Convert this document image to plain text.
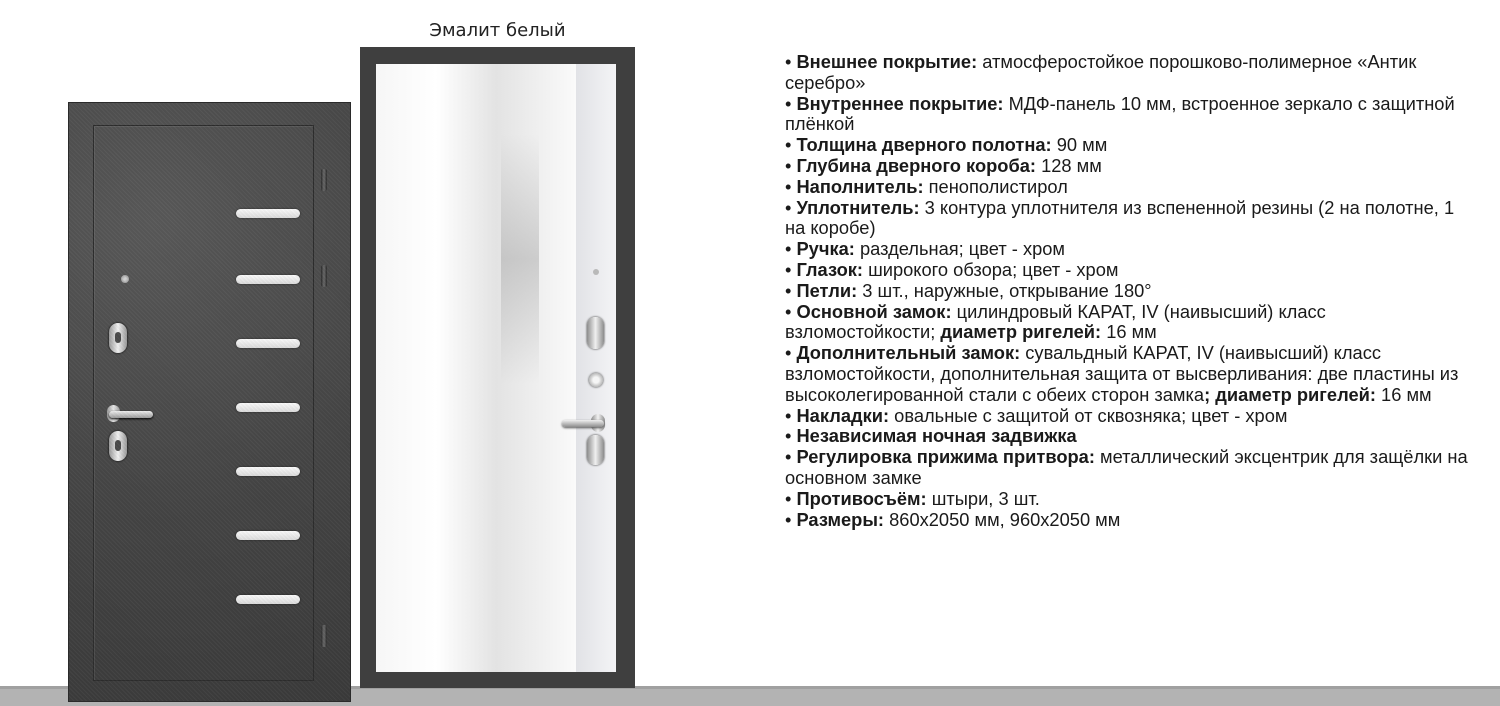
Эмалит белый

• Внешнее покрытие: атмосферостойкое порошково-полимерное «Антик серебро»

• Внутреннее покрытие: МДФ-панель 10 мм, встроенное зеркало с защитной плёнкой

• Толщина дверного полотна: 90 мм

• Глубина дверного короба: 128 мм

• Наполнитель: пенополистирол

• Уплотнитель: 3 контура уплотнителя из вспененной резины (2 на полотне, 1 на коробе)

• Ручка: раздельная; цвет - хром

• Глазок: широкого обзора; цвет - хром

• Петли: 3 шт., наружные, открывание 180°

• Основной замок: цилиндровый КАРАТ, IV (наивысший) класс взломостойкости; диаметр ригелей: 16 мм

• Дополнительный замок: сувальдный КАРАТ, IV (наивысший) класс взломостойкости, дополнительная защита от высверливания: две пластины из высоколегированной стали с обеих сторон замка; диаметр ригелей: 16 мм

• Накладки: овальные с защитой от сквозняка; цвет - хром

• Независимая ночная задвижка

• Регулировка прижима притвора: металлический эксцентрик для защёлки на основном замке

• Противосъём: штыри, 3 шт.

• Размеры: 860х2050 мм, 960х2050 мм
